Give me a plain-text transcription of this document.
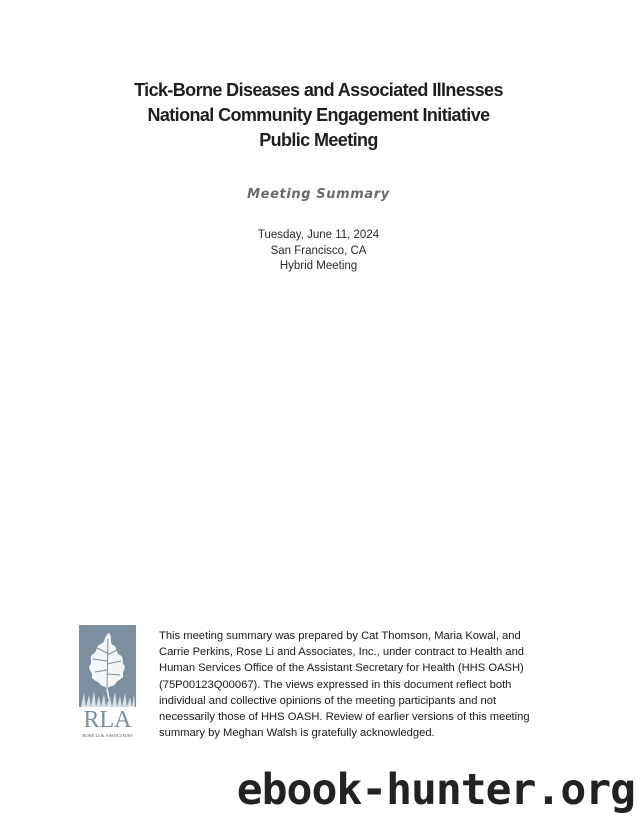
Tick-Borne Diseases and Associated Illnesses
National Community Engagement Initiative
Public Meeting
Meeting Summary
Tuesday, June 11, 2024
San Francisco, CA
Hybrid Meeting
RLA
ROSE LI & ASSOCIATES
This meeting summary was prepared by Cat Thomson, Maria Kowal, and
Carrie Perkins, Rose Li and Associates, Inc., under contract to Health and
Human Services Office of the Assistant Secretary for Health (HHS OASH)
(75P00123Q00067). The views expressed in this document reflect both
individual and collective opinions of the meeting participants and not
necessarily those of HHS OASH. Review of earlier versions of this meeting
summary by Meghan Walsh is gratefully acknowledged.
ebook-hunter.org
